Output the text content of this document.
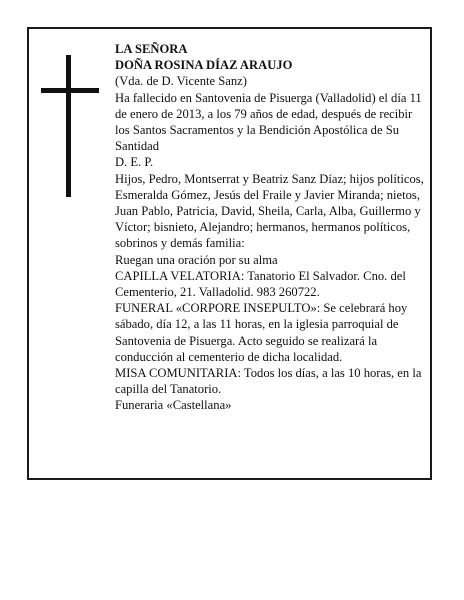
LA SEÑORA

DOÑA ROSINA DÍAZ ARAUJO

(Vda. de D. Vicente Sanz)

Ha fallecido en Santovenia de Pisuerga (Valladolid) el día 11 de enero de 2013, a los 79 años de edad, después de recibir los Santos Sacramentos y la Bendición Apostólica de Su Santidad

D. E. P.

Hijos, Pedro, Montserrat y Beatriz Sanz Díaz; hijos políticos, Esmeralda Gómez, Jesús del Fraile y Javier Miranda; nietos, Juan Pablo, Patricia, David, Sheila, Carla, Alba, Guillermo y Víctor; bisnieto, Alejandro; hermanos, hermanos políticos, sobrinos y demás familia:

Ruegan una oración por su alma

CAPILLA VELATORIA: Tanatorio El Salvador. Cno. del Cementerio, 21. Valladolid. 983 260722.

FUNERAL «CORPORE INSEPULTO»: Se celebrará hoy sábado, día 12, a las 11 horas, en la iglesia parroquial de Santovenia de Pisuerga. Acto seguido se realizará la conducción al cementerio de dicha localidad.

MISA COMUNITARIA: Todos los días, a las 10 horas, en la capilla del Tanatorio.

Funeraria «Castellana»
